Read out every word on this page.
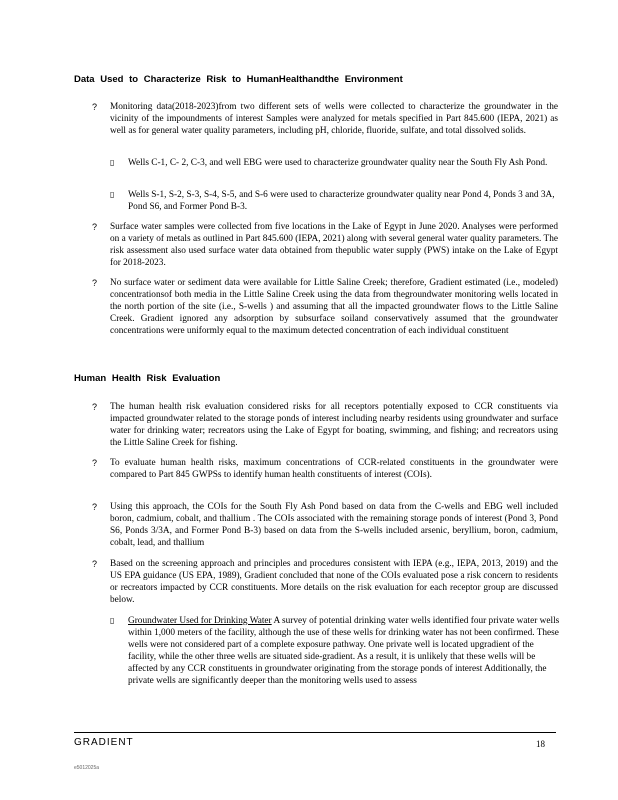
Data Used to Characterize Risk to HumanHealthandthe Environment
? Monitoring data(2018-2023)from two different sets of wells were collected to characterize the groundwater in the vicinity of the impoundments of interest Samples were analyzed for metals specified in Part 845.600 (IEPA, 2021) as well as for general water quality parameters, including pH, chloride, fluoride, sulfate, and total dissolved solids.
▯ Wells C-1, C- 2, C-3, and well EBG were used to characterize groundwater quality near the South Fly Ash Pond.
▯ Wells S-1, S-2, S-3, S-4, S-5, and S-6 were used to characterize groundwater quality near Pond 4, Ponds 3 and 3A, Pond S6, and Former Pond B-3.
? Surface water samples were collected from five locations in the Lake of Egypt in June 2020. Analyses were performed on a variety of metals as outlined in Part 845.600 (IEPA, 2021) along with several general water quality parameters. The risk assessment also used surface water data obtained from thepublic water supply (PWS) intake on the Lake of Egypt for 2018-2023.
? No surface water or sediment data were available for Little Saline Creek; therefore, Gradient estimated (i.e., modeled) concentrationsof both media in the Little Saline Creek using the data from thegroundwater monitoring wells located in the north portion of the site (i.e., S-wells ) and assuming that all the impacted groundwater flows to the Little Saline Creek. Gradient ignored any adsorption by subsurface soiland conservatively assumed that the groundwater concentrations were uniformly equal to the maximum detected concentration of each individual constituent
Human Health Risk Evaluation
? The human health risk evaluation considered risks for all receptors potentially exposed to CCR constituents via impacted groundwater related to the storage ponds of interest including nearby residents using groundwater and surface water for drinking water; recreators using the Lake of Egypt for boating, swimming, and fishing; and recreators using the Little Saline Creek for fishing.
? To evaluate human health risks, maximum concentrations of CCR-related constituents in the groundwater were compared to Part 845 GWPSs to identify human health constituents of interest (COIs).
? Using this approach, the COIs for the South Fly Ash Pond based on data from the C-wells and EBG well included boron, cadmium, cobalt, and thallium . The COIs associated with the remaining storage ponds of interest (Pond 3, Pond S6, Ponds 3/3A, and Former Pond B-3) based on data from the S-wells included arsenic, beryllium, boron, cadmium, cobalt, lead, and thallium
? Based on the screening approach and principles and procedures consistent with IEPA (e.g., IEPA, 2013, 2019) and the US EPA guidance (US EPA, 1989), Gradient concluded that none of the COIs evaluated pose a risk concern to residents or recreators impacted by CCR constituents. More details on the risk evaluation for each receptor group are discussed below.
▯ Groundwater Used for Drinking Water A survey of potential drinking water wells identified four private water wells within 1,000 meters of the facility, although the use of these wells for drinking water has not been confirmed. These wells were not considered part of a complete exposure pathway. One private well is located upgradient of the facility, while the other three wells are situated side-gradient. As a result, it is unlikely that these wells will be affected by any CCR constituents in groundwater originating from the storage ponds of interest Additionally, the private wells are significantly deeper than the monitoring wells used to assess
GRADIENT	18
e5012025a
